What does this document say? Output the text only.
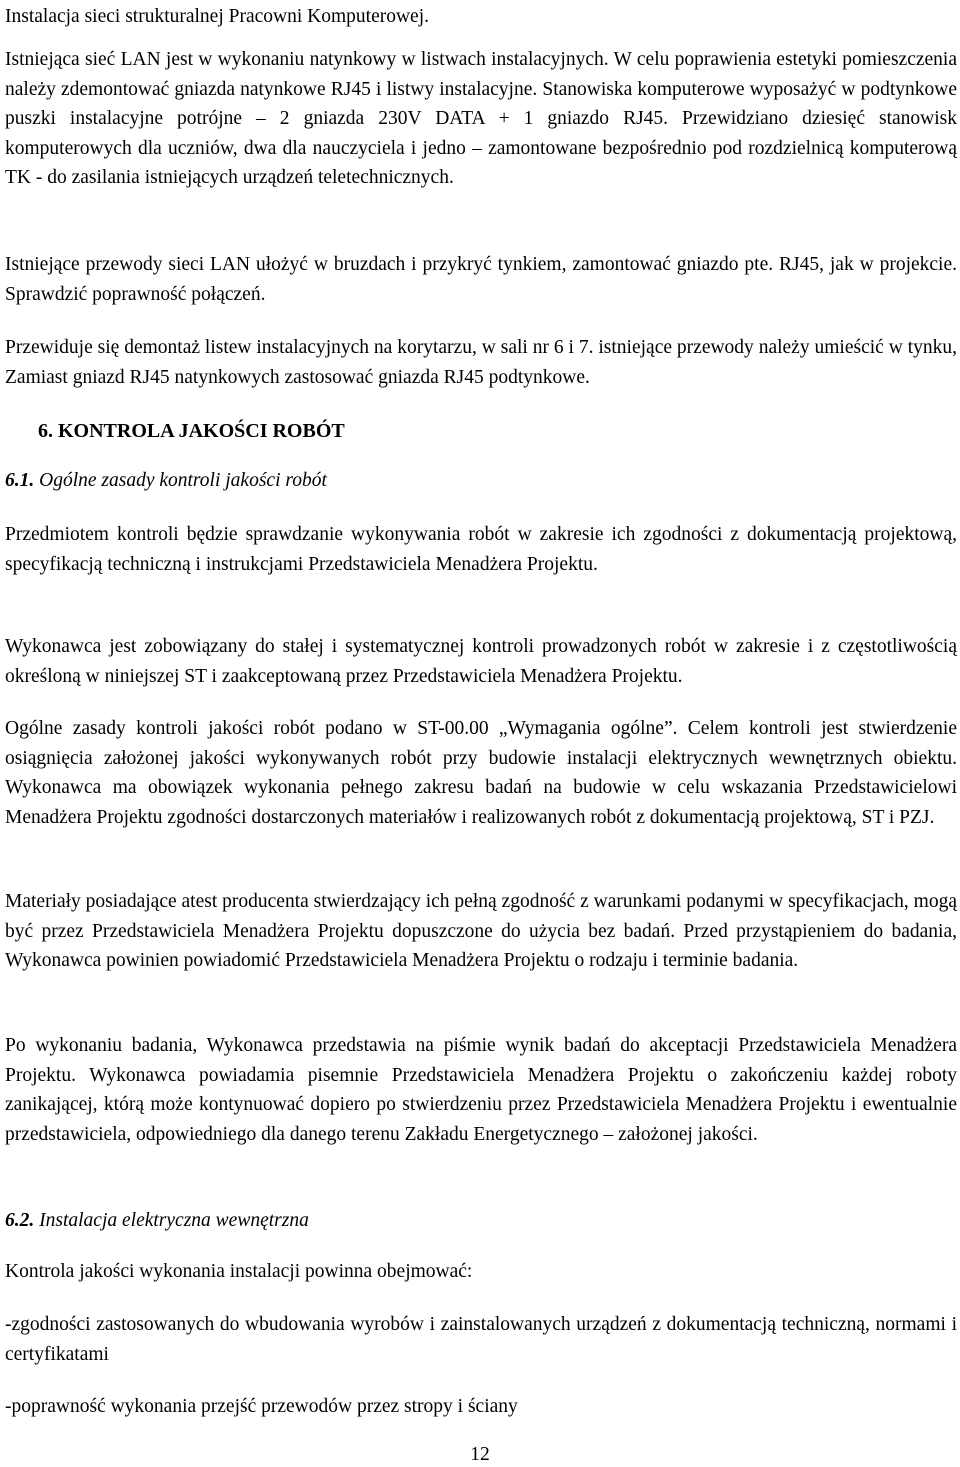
Instalacja sieci strukturalnej Pracowni Komputerowej.

Istniejąca sieć LAN jest w wykonaniu natynkowy w listwach instalacyjnych. W celu poprawienia estetyki pomieszczenia należy zdemontować gniazda natynkowe RJ45 i listwy instalacyjne. Stanowiska komputerowe wyposażyć w podtynkowe puszki instalacyjne potrójne – 2 gniazda 230V DATA + 1 gniazdo RJ45. Przewidziano dziesięć stanowisk komputerowych dla uczniów, dwa dla nauczyciela i jedno – zamontowane bezpośrednio pod rozdzielnicą komputerową TK - do zasilania istniejących urządzeń teletechnicznych.

Istniejące przewody sieci LAN ułożyć w bruzdach i przykryć tynkiem, zamontować gniazdo pte. RJ45, jak w projekcie. Sprawdzić poprawność połączeń.

Przewiduje się demontaż listew instalacyjnych na korytarzu, w sali nr 6 i 7. istniejące przewody należy umieścić w tynku, Zamiast gniazd RJ45 natynkowych zastosować gniazda RJ45 podtynkowe.

6. KONTROLA JAKOŚCI ROBÓT

6.1. Ogólne zasady kontroli jakości robót

Przedmiotem kontroli będzie sprawdzanie wykonywania robót w zakresie ich zgodności z dokumentacją projektową, specyfikacją techniczną i instrukcjami Przedstawiciela Menadżera Projektu.

Wykonawca jest zobowiązany do stałej i systematycznej kontroli prowadzonych robót w zakresie i z częstotliwością określoną w niniejszej ST i zaakceptowaną przez Przedstawiciela Menadżera Projektu.

Ogólne zasady kontroli jakości robót podano w ST-00.00 „Wymagania ogólne”. Celem kontroli jest stwierdzenie osiągnięcia założonej jakości wykonywanych robót przy budowie instalacji elektrycznych wewnętrznych obiektu. Wykonawca ma obowiązek wykonania pełnego zakresu badań na budowie w celu wskazania Przedstawicielowi Menadżera Projektu zgodności dostarczonych materiałów i realizowanych robót z dokumentacją projektową, ST i PZJ.

Materiały posiadające atest producenta stwierdzający ich pełną zgodność z warunkami podanymi w specyfikacjach, mogą być przez Przedstawiciela Menadżera Projektu dopuszczone do użycia bez badań. Przed przystąpieniem do badania, Wykonawca powinien powiadomić Przedstawiciela Menadżera Projektu o rodzaju i terminie badania.

Po wykonaniu badania, Wykonawca przedstawia na piśmie wynik badań do akceptacji Przedstawiciela Menadżera Projektu. Wykonawca powiadamia pisemnie Przedstawiciela Menadżera Projektu o zakończeniu każdej roboty zanikającej, którą może kontynuować dopiero po stwierdzeniu przez Przedstawiciela Menadżera Projektu i ewentualnie przedstawiciela, odpowiedniego dla danego terenu Zakładu Energetycznego – założonej jakości.

6.2. Instalacja elektryczna wewnętrzna

Kontrola jakości wykonania instalacji powinna obejmować:

-zgodności zastosowanych do wbudowania wyrobów i zainstalowanych urządzeń z dokumentacją techniczną, normami i certyfikatami

-poprawność wykonania przejść przewodów przez stropy i ściany

12
